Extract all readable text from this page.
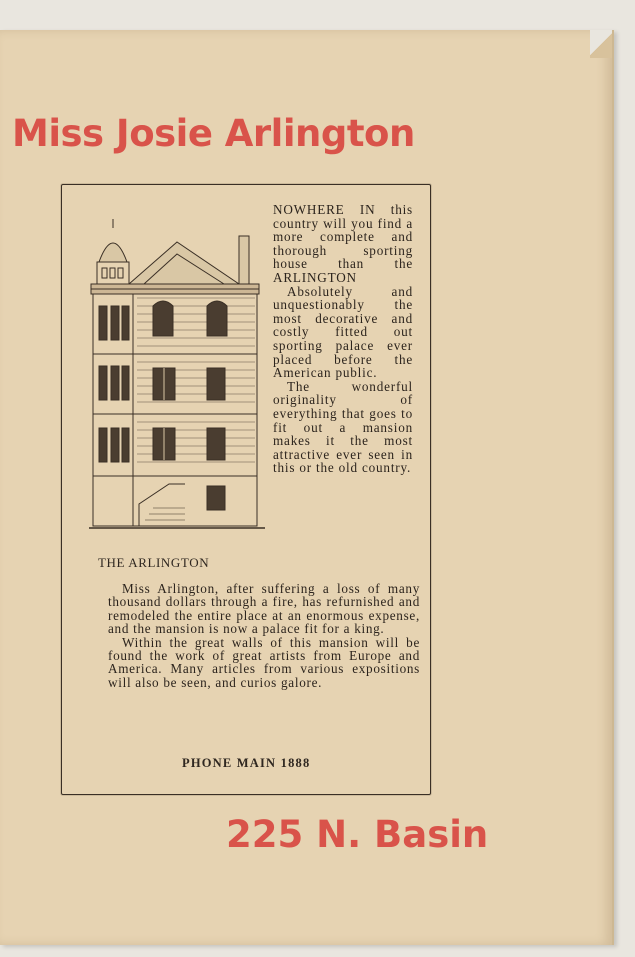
Miss Josie Arlington
THE ARLINGTON

NOWHERE IN this country will you find a more complete and thorough sporting house than the ARLINGTON

Absolutely and unquestionably the most decorative and costly fitted out sporting palace ever placed before the American public.

The wonderful originality of everything that goes to fit out a mansion makes it the most attractive ever seen in this or the old country.

Miss Arlington, after suffering a loss of many thousand dollars through a fire, has refurnished and remodeled the entire place at an enormous expense, and the mansion is now a palace fit for a king.

Within the great walls of this mansion will be found the work of great artists from Europe and America. Many articles from various expositions will also be seen, and curios galore.

PHONE MAIN 1888
225 N. Basin
